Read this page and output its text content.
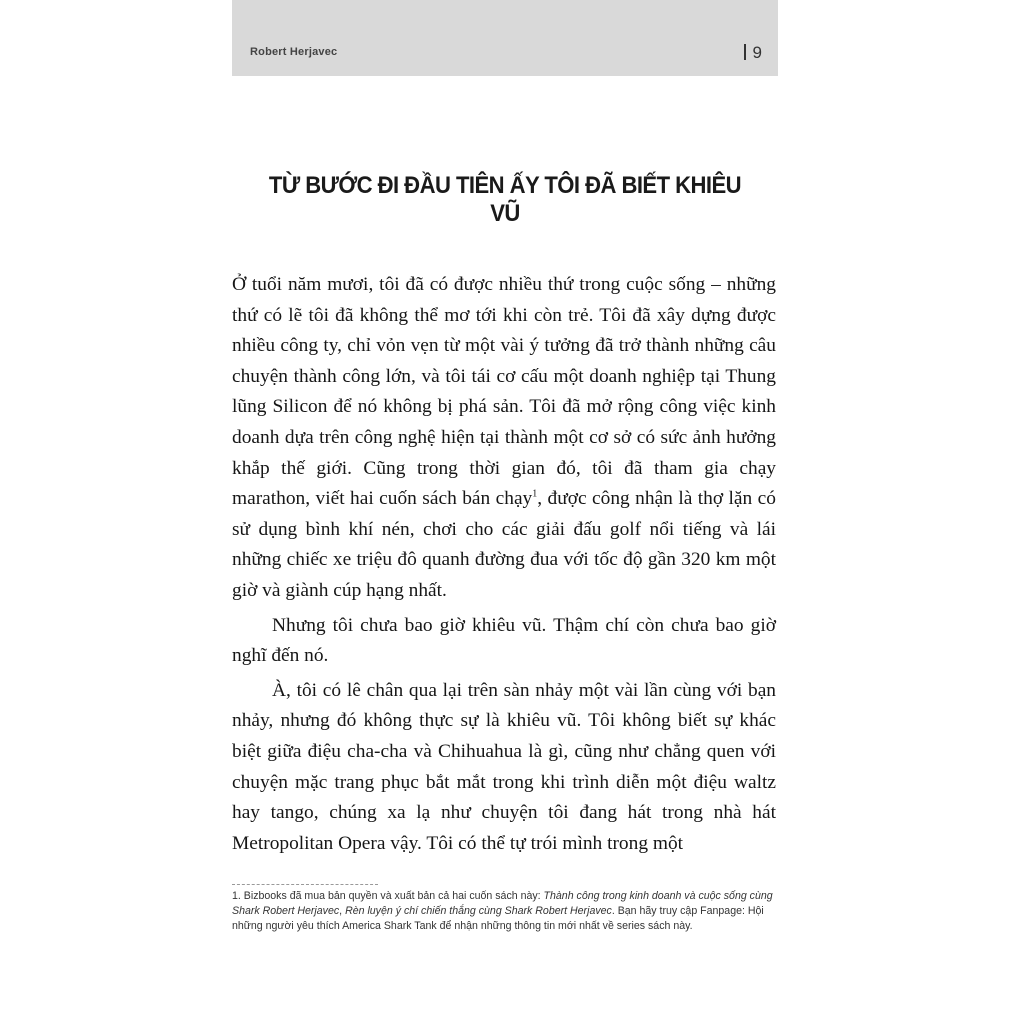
Robert Herjavec	9
TỪ BƯỚC ĐI ĐẦU TIÊN ẤY TÔI ĐÃ BIẾT KHIÊU VŨ

Ở tuổi năm mươi, tôi đã có được nhiều thứ trong cuộc sống – những thứ có lẽ tôi đã không thể mơ tới khi còn trẻ. Tôi đã xây dựng được nhiều công ty, chỉ vỏn vẹn từ một vài ý tưởng đã trở thành những câu chuyện thành công lớn, và tôi tái cơ cấu một doanh nghiệp tại Thung lũng Silicon để nó không bị phá sản. Tôi đã mở rộng công việc kinh doanh dựa trên công nghệ hiện tại thành một cơ sở có sức ảnh hưởng khắp thế giới. Cũng trong thời gian đó, tôi đã tham gia chạy marathon, viết hai cuốn sách bán chạy$^1$, được công nhận là thợ lặn có sử dụng bình khí nén, chơi cho các giải đấu golf nổi tiếng và lái những chiếc xe triệu đô quanh đường đua với tốc độ gần 320 km một giờ và giành cúp hạng nhất.

Nhưng tôi chưa bao giờ khiêu vũ. Thậm chí còn chưa bao giờ nghĩ đến nó.

À, tôi có lê chân qua lại trên sàn nhảy một vài lần cùng với bạn nhảy, nhưng đó không thực sự là khiêu vũ. Tôi không biết sự khác biệt giữa điệu cha-cha và Chihuahua là gì, cũng như chẳng quen với chuyện mặc trang phục bắt mắt trong khi trình diễn một điệu waltz hay tango, chúng xa lạ như chuyện tôi đang hát trong nhà hát Metropolitan Opera vậy. Tôi có thể tự trói mình trong một

1. Bizbooks đã mua bản quyền và xuất bản cả hai cuốn sách này: Thành công trong kinh doanh và cuộc sống cùng Shark Robert Herjavec, Rèn luyện ý chí chiến thắng cùng Shark Robert Herjavec. Bạn hãy truy cập Fanpage: Hội những người yêu thích America Shark Tank để nhận những thông tin mới nhất về series sách này.
